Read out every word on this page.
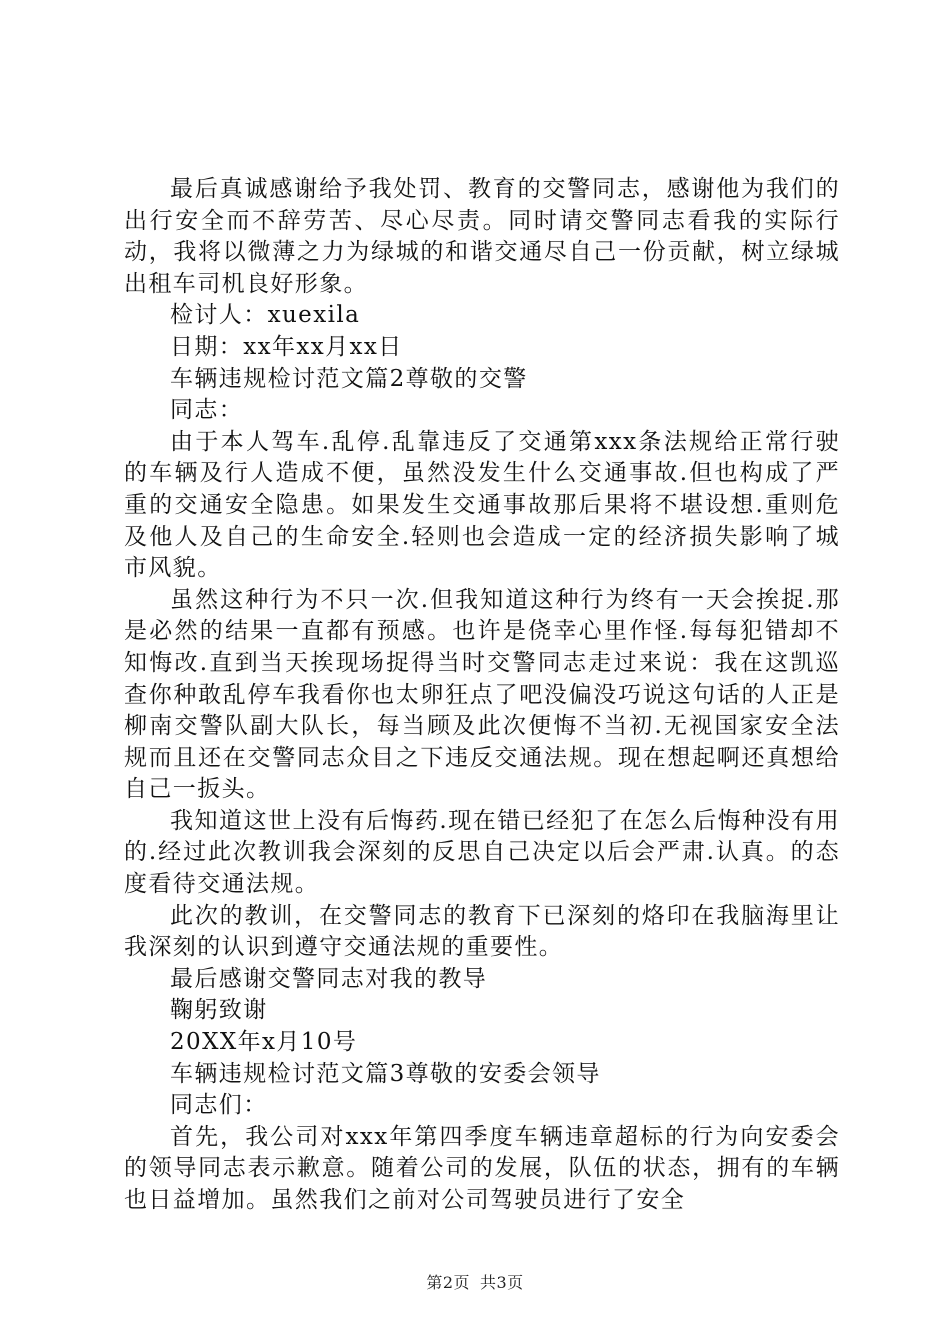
最后真诚感谢给予我处罚、教育的交警同志，感谢他为我们的出行安全而不辞劳苦、尽心尽责。同时请交警同志看我的实际行动，我将以微薄之力为绿城的和谐交通尽自己一份贡献，树立绿城出租车司机良好形象。

检讨人：xuexila

日期：xx年xx月xx日

车辆违规检讨范文篇2尊敬的交警

同志：

由于本人驾车.乱停.乱靠违反了交通第xxx条法规给正常行驶的车辆及行人造成不便，虽然没发生什么交通事故.但也构成了严重的交通安全隐患。如果发生交通事故那后果将不堪设想.重则危及他人及自己的生命安全.轻则也会造成一定的经济损失影响了城市风貌。

虽然这种行为不只一次.但我知道这种行为终有一天会挨捉.那是必然的结果一直都有预感。也许是侥幸心里作怪.每每犯错却不知悔改.直到当天挨现场捉得当时交警同志走过来说：我在这凯巡查你种敢乱停车我看你也太卵狂点了吧没偏没巧说这句话的人正是柳南交警队副大队长，每当顾及此次便悔不当初.无视国家安全法规而且还在交警同志众目之下违反交通法规。现在想起啊还真想给自己一扳头。

我知道这世上没有后悔药.现在错已经犯了在怎么后悔种没有用的.经过此次教训我会深刻的反思自己决定以后会严肃.认真。的态度看待交通法规。

此次的教训，在交警同志的教育下已深刻的烙印在我脑海里让我深刻的认识到遵守交通法规的重要性。

最后感谢交警同志对我的教导

鞠躬致谢

20XX年x月10号

车辆违规检讨范文篇3尊敬的安委会领导

同志们：

首先，我公司对xxx年第四季度车辆违章超标的行为向安委会的领导同志表示歉意。随着公司的发展，队伍的状态，拥有的车辆也日益增加。虽然我们之前对公司驾驶员进行了安全

第2页 共3页
